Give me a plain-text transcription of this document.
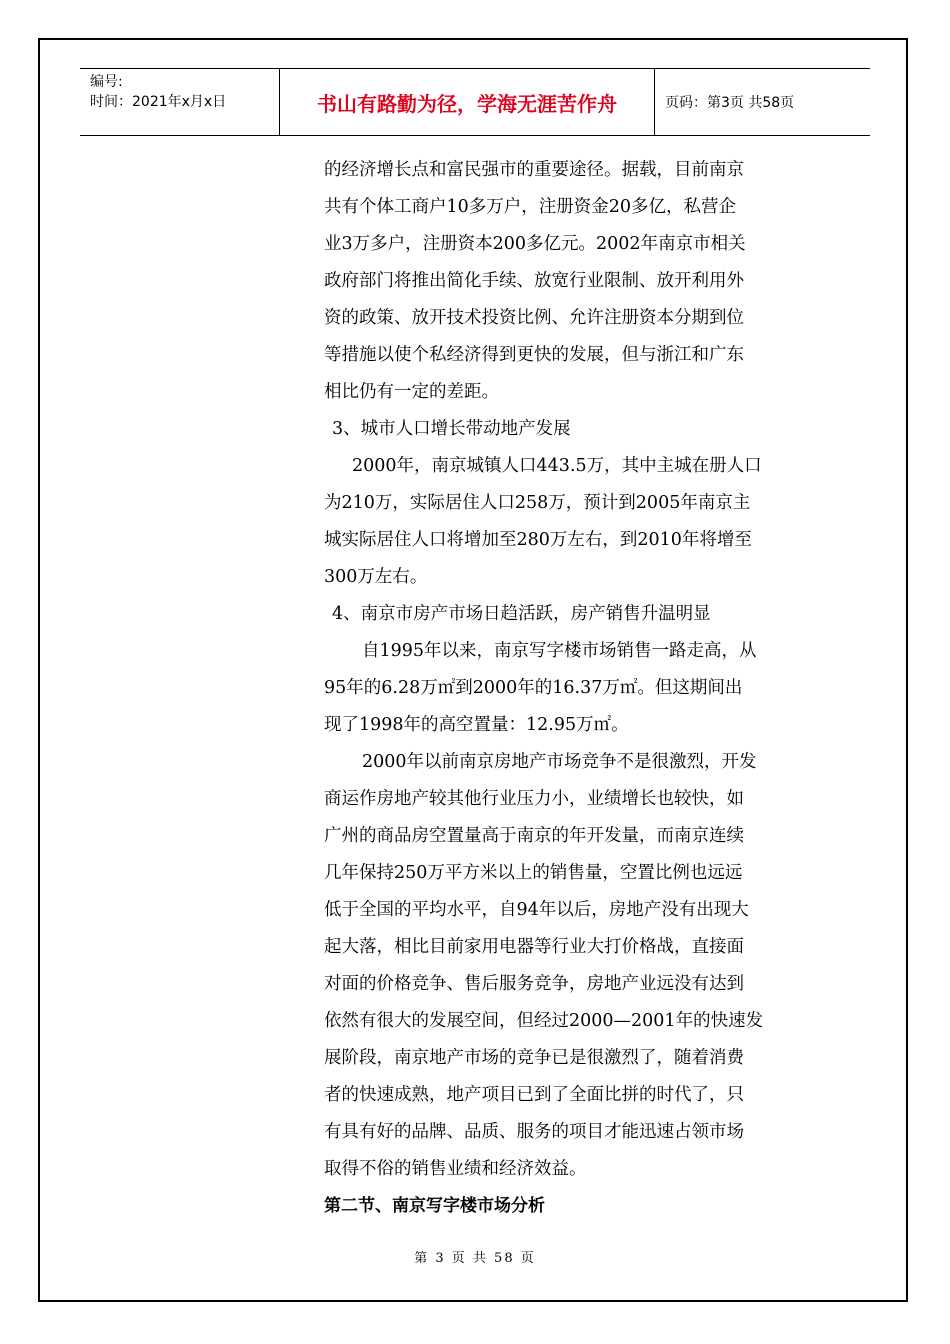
编号:
时间：2021年x月x日	书山有路勤为径，学海无涯苦作舟	页码：第3页 共58页
的经济增长点和富民强市的重要途径。据载，目前南京
共有个体工商户10多万户，注册资金20多亿，私营企
业3万多户，注册资本200多亿元。2002年南京市相关
政府部门将推出简化手续、放宽行业限制、放开利用外
资的政策、放开技术投资比例、允许注册资本分期到位
等措施以使个私经济得到更快的发展，但与浙江和广东
相比仍有一定的差距。
3、城市人口增长带动地产发展
2000年，南京城镇人口443.5万，其中主城在册人口
为210万，实际居住人口258万，预计到2005年南京主
城实际居住人口将增加至280万左右，到2010年将增至
300万左右。
4、南京市房产市场日趋活跃，房产销售升温明显
自1995年以来，南京写字楼市场销售一路走高，从
95年的6.28万㎡到2000年的16.37万㎡。但这期间出
现了1998年的高空置量：12.95万㎡。
2000年以前南京房地产市场竞争不是很激烈，开发
商运作房地产较其他行业压力小，业绩增长也较快，如
广州的商品房空置量高于南京的年开发量，而南京连续
几年保持250万平方米以上的销售量，空置比例也远远
低于全国的平均水平，自94年以后，房地产没有出现大
起大落，相比目前家用电器等行业大打价格战，直接面
对面的价格竞争、售后服务竞争，房地产业远没有达到
依然有很大的发展空间，但经过2000—2001年的快速发
展阶段，南京地产市场的竞争已是很激烈了，随着消费
者的快速成熟，地产项目已到了全面比拼的时代了，只
有具有好的品牌、品质、服务的项目才能迅速占领市场
取得不俗的销售业绩和经济效益。
第二节、南京写字楼市场分析
第 3 页 共 58 页
